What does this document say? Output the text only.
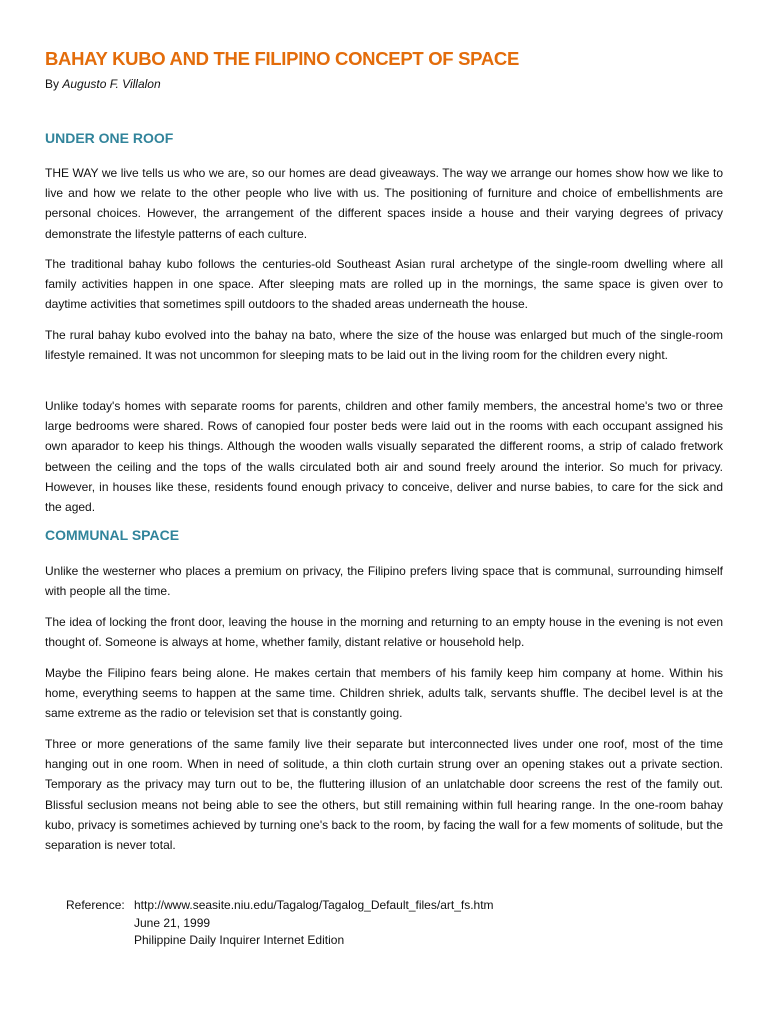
BAHAY KUBO AND THE FILIPINO CONCEPT OF SPACE

By Augusto F. Villalon

UNDER ONE ROOF

THE WAY we live tells us who we are, so our homes are dead giveaways. The way we arrange our homes show how we like to live and how we relate to the other people who live with us. The positioning of furniture and choice of embellishments are personal choices. However, the arrangement of the different spaces inside a house and their varying degrees of privacy demonstrate the lifestyle patterns of each culture.

The traditional bahay kubo follows the centuries-old Southeast Asian rural archetype of the single-room dwelling where all family activities happen in one space. After sleeping mats are rolled up in the mornings, the same space is given over to daytime activities that sometimes spill outdoors to the shaded areas underneath the house.

The rural bahay kubo evolved into the bahay na bato, where the size of the house was enlarged but much of the single-room lifestyle remained. It was not uncommon for sleeping mats to be laid out in the living room for the children every night.

Unlike today's homes with separate rooms for parents, children and other family members, the ancestral home's two or three large bedrooms were shared. Rows of canopied four poster beds were laid out in the rooms with each occupant assigned his own aparador to keep his things. Although the wooden walls visually separated the different rooms, a strip of calado fretwork between the ceiling and the tops of the walls circulated both air and sound freely around the interior. So much for privacy. However, in houses like these, residents found enough privacy to conceive, deliver and nurse babies, to care for the sick and the aged.

COMMUNAL SPACE

Unlike the westerner who places a premium on privacy, the Filipino prefers living space that is communal, surrounding himself with people all the time.

The idea of locking the front door, leaving the house in the morning and returning to an empty house in the evening is not even thought of. Someone is always at home, whether family, distant relative or household help.

Maybe the Filipino fears being alone. He makes certain that members of his family keep him company at home. Within his home, everything seems to happen at the same time. Children shriek, adults talk, servants shuffle. The decibel level is at the same extreme as the radio or television set that is constantly going.

Three or more generations of the same family live their separate but interconnected lives under one roof, most of the time hanging out in one room. When in need of solitude, a thin cloth curtain strung over an opening stakes out a private section. Temporary as the privacy may turn out to be, the fluttering illusion of an unlatchable door screens the rest of the family out. Blissful seclusion means not being able to see the others, but still remaining within full hearing range. In the one-room bahay kubo, privacy is sometimes achieved by turning one's back to the room, by facing the wall for a few moments of solitude, but the separation is never total.

Reference: http://www.seasite.niu.edu/Tagalog/Tagalog_Default_files/art_fs.htm
June 21, 1999
Philippine Daily Inquirer Internet Edition
